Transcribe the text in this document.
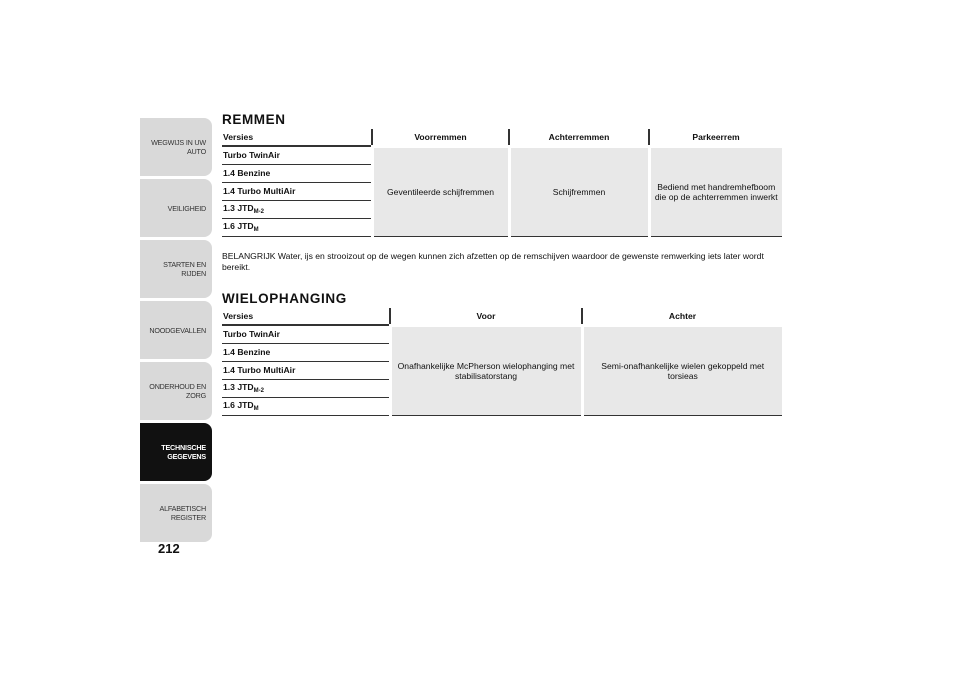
WEGWIJS IN UW
AUTO
VEILIGHEID
STARTEN EN RIJDEN
NOODGEVALLEN
ONDERHOUD EN
ZORG
TECHNISCHE
GEGEVENS
ALFABETISCH
REGISTER
212
REMMEN
Versies	Voorremmen	Achterremmen	Parkeerrem
Turbo TwinAir	Geventileerde schijfremmen	Schijfremmen	Bediend met handremhefboom die op de achterremmen inwerkt
1.4 Benzine			
1.4 Turbo MultiAir			
1.3 $JTD_{M-2}$
1.6 $JTD_M$
BELANGRIJK Water, ijs en strooizout op de wegen kunnen zich afzetten op de remschijven waardoor de gewenste remwerking iets later wordt bereikt.
WIELOPHANGING
Versies	Voor	Achter
Turbo TwinAir	Onafhankelijke McPherson wielophanging met stabilisatorstang	Semi-onafhankelijke wielen gekoppeld met torsieas
1.4 Benzine		
1.4 Turbo MultiAir		
1.3 $JTD_{M-2}$
1.6 $JTD_M$
